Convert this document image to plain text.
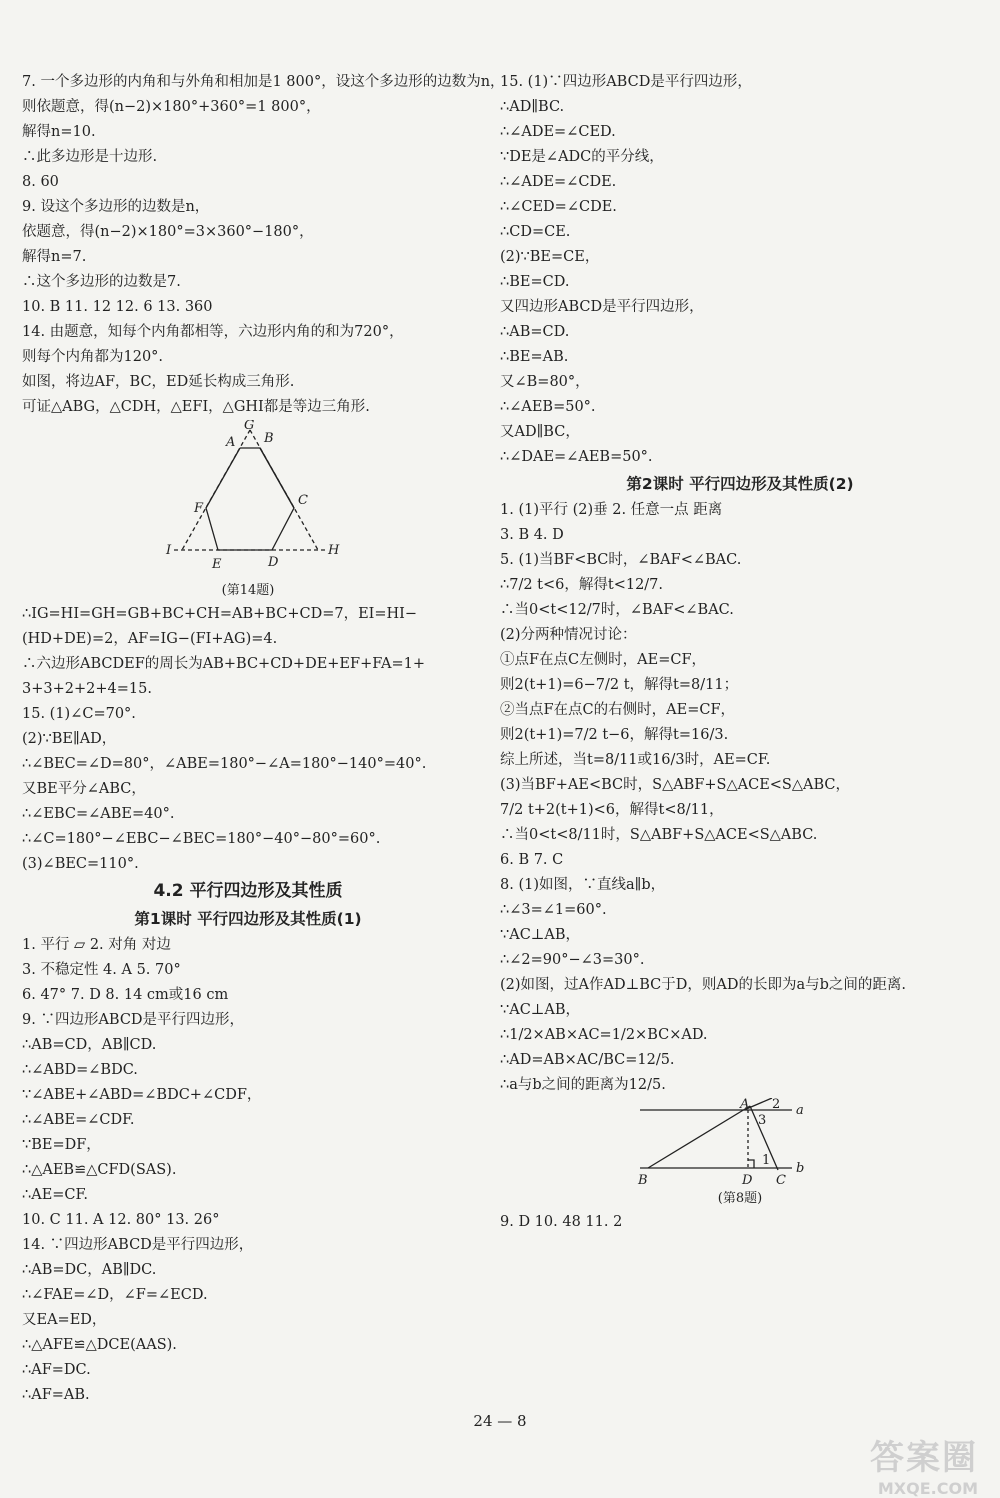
7. 一个多边形的内角和与外角和相加是1 800°，设这个多边形的边数为n，
则依题意，得(n−2)×180°+360°=1 800°，
解得n=10.
∴此多边形是十边形.
8. 60
9. 设这个多边形的边数是n，
依题意，得(n−2)×180°=3×360°−180°，
解得n=7.
∴这个多边形的边数是7.
10. B 11. 12 12. 6 13. 360
14. 由题意，知每个内角都相等，六边形内角的和为720°，
则每个内角都为120°.
如图，将边AF，BC，ED延长构成三角形.
可证△ABG，△CDH，△EFI，△GHI都是等边三角形.
G
A B
F
C
I
E	D
H
(第14题)
∴IG=HI=GH=GB+BC+CH=AB+BC+CD=7，EI=HI−
(HD+DE)=2，AF=IG−(FI+AG)=4.
∴六边形ABCDEF的周长为AB+BC+CD+DE+EF+FA=1+
3+3+2+2+4=15.
15. (1)∠C=70°.
(2)∵BE∥AD，
∴∠BEC=∠D=80°，∠ABE=180°−∠A=180°−140°=40°.
又BE平分∠ABC，
∴∠EBC=∠ABE=40°.
∴∠C=180°−∠EBC−∠BEC=180°−40°−80°=60°.
(3)∠BEC=110°.
4.2 平行四边形及其性质
第1课时 平行四边形及其性质(1)
1. 平行 ▱ 2. 对角 对边
3. 不稳定性 4. A 5. 70°
6. 47° 7. D 8. 14 cm或16 cm
9. ∵四边形ABCD是平行四边形，
∴AB=CD，AB∥CD.
∴∠ABD=∠BDC.
∵∠ABE+∠ABD=∠BDC+∠CDF，
∴∠ABE=∠CDF.
∵BE=DF，
∴△AEB≌△CFD(SAS).
∴AE=CF.
10. C 11. A 12. 80° 13. 26°
14. ∵四边形ABCD是平行四边形，
∴AB=DC，AB∥DC.
∴∠FAE=∠D，∠F=∠ECD.
又EA=ED，
∴△AFE≌△DCE(AAS).
∴AF=DC.
∴AF=AB.
15. (1)∵四边形ABCD是平行四边形，
∴AD∥BC.
∴∠ADE=∠CED.
∵DE是∠ADC的平分线，
∴∠ADE=∠CDE.
∴∠CED=∠CDE.
∴CD=CE.
(2)∵BE=CE，
∴BE=CD.
又四边形ABCD是平行四边形，
∴AB=CD.
∴BE=AB.
又∠B=80°，
∴∠AEB=50°.
又AD∥BC，
∴∠DAE=∠AEB=50°.
第2课时 平行四边形及其性质(2)
1. (1)平行 (2)垂 2. 任意一点 距离
3. B 4. D
5. (1)当BF<BC时，∠BAF<∠BAC.
∴7/2 t<6，解得t<12/7.
∴当0<t<12/7时，∠BAF<∠BAC.
(2)分两种情况讨论：
①点F在点C左侧时，AE=CF，
则2(t+1)=6−7/2 t，解得t=8/11；
②当点F在点C的右侧时，AE=CF，
则2(t+1)=7/2 t−6，解得t=16/3.
综上所述，当t=8/11或16/3时，AE=CF.
(3)当BF+AE<BC时，S△ABF+S△ACE<S△ABC，
7/2 t+2(t+1)<6，解得t<8/11，
∴当0<t<8/11时，S△ABF+S△ACE<S△ABC.
6. B 7. C
8. (1)如图，∵直线a∥b，
∴∠3=∠1=60°.
∵AC⊥AB，
∴∠2=90°−∠3=30°.
(2)如图，过A作AD⊥BC于D，则AD的长即为a与b之间的距离.
∵AC⊥AB，
∴1/2×AB×AC=1/2×BC×AD.
∴AD=AB×AC/BC=12/5.
∴a与b之间的距离为12/5.
A 2 a
3
1
b
B	D C
(第8题)
9. D 10. 48 11. 2
24 — 8
答案圈
MXQE.COM
